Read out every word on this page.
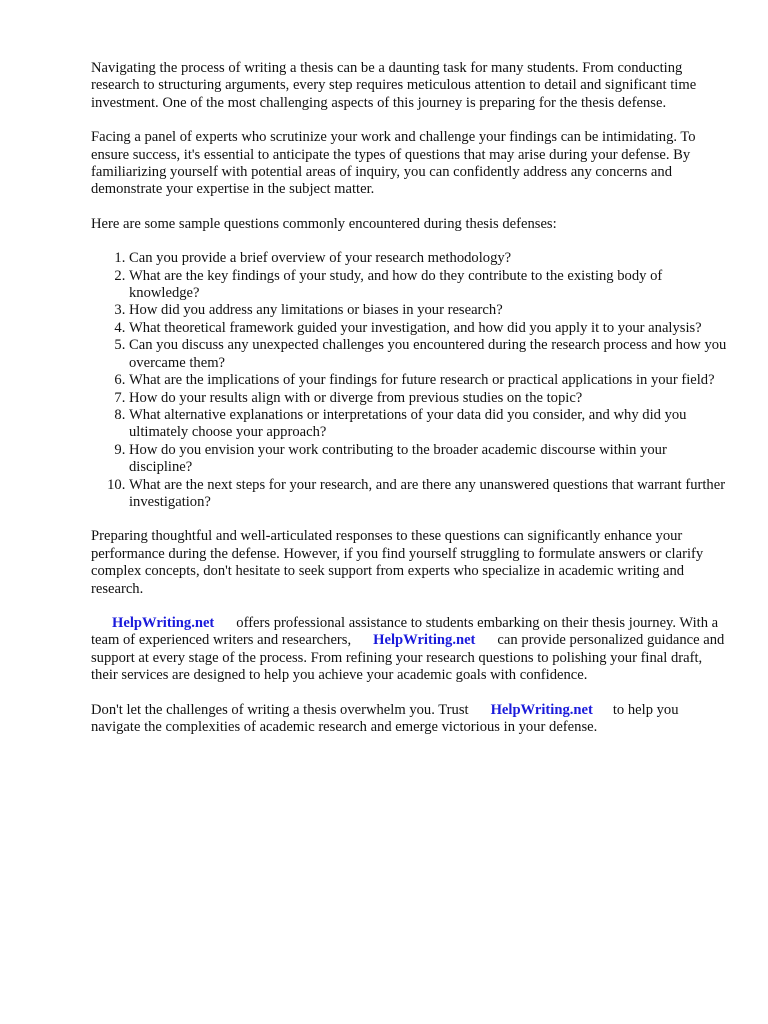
Navigating the process of writing a thesis can be a daunting task for many students. From conducting research to structuring arguments, every step requires meticulous attention to detail and significant time investment. One of the most challenging aspects of this journey is preparing for the thesis defense.

Facing a panel of experts who scrutinize your work and challenge your findings can be intimidating. To ensure success, it's essential to anticipate the types of questions that may arise during your defense. By familiarizing yourself with potential areas of inquiry, you can confidently address any concerns and demonstrate your expertise in the subject matter.

Here are some sample questions commonly encountered during thesis defenses:

1. Can you provide a brief overview of your research methodology?
2. What are the key findings of your study, and how do they contribute to the existing body of knowledge?
3. How did you address any limitations or biases in your research?
4. What theoretical framework guided your investigation, and how did you apply it to your analysis?
5. Can you discuss any unexpected challenges you encountered during the research process and how you overcame them?
6. What are the implications of your findings for future research or practical applications in your field?
7. How do your results align with or diverge from previous studies on the topic?
8. What alternative explanations or interpretations of your data did you consider, and why did you ultimately choose your approach?
9. How do you envision your work contributing to the broader academic discourse within your discipline?
10. What are the next steps for your research, and are there any unanswered questions that warrant further investigation?

Preparing thoughtful and well-articulated responses to these questions can significantly enhance your performance during the defense. However, if you find yourself struggling to formulate answers or clarify complex concepts, don't hesitate to seek support from experts who specialize in academic writing and research.

HelpWriting.net offers professional assistance to students embarking on their thesis journey. With a team of experienced writers and researchers, HelpWriting.net can provide personalized guidance and support at every stage of the process. From refining your research questions to polishing your final draft, their services are designed to help you achieve your academic goals with confidence.

Don't let the challenges of writing a thesis overwhelm you. Trust HelpWriting.net to help you navigate the complexities of academic research and emerge victorious in your defense.
